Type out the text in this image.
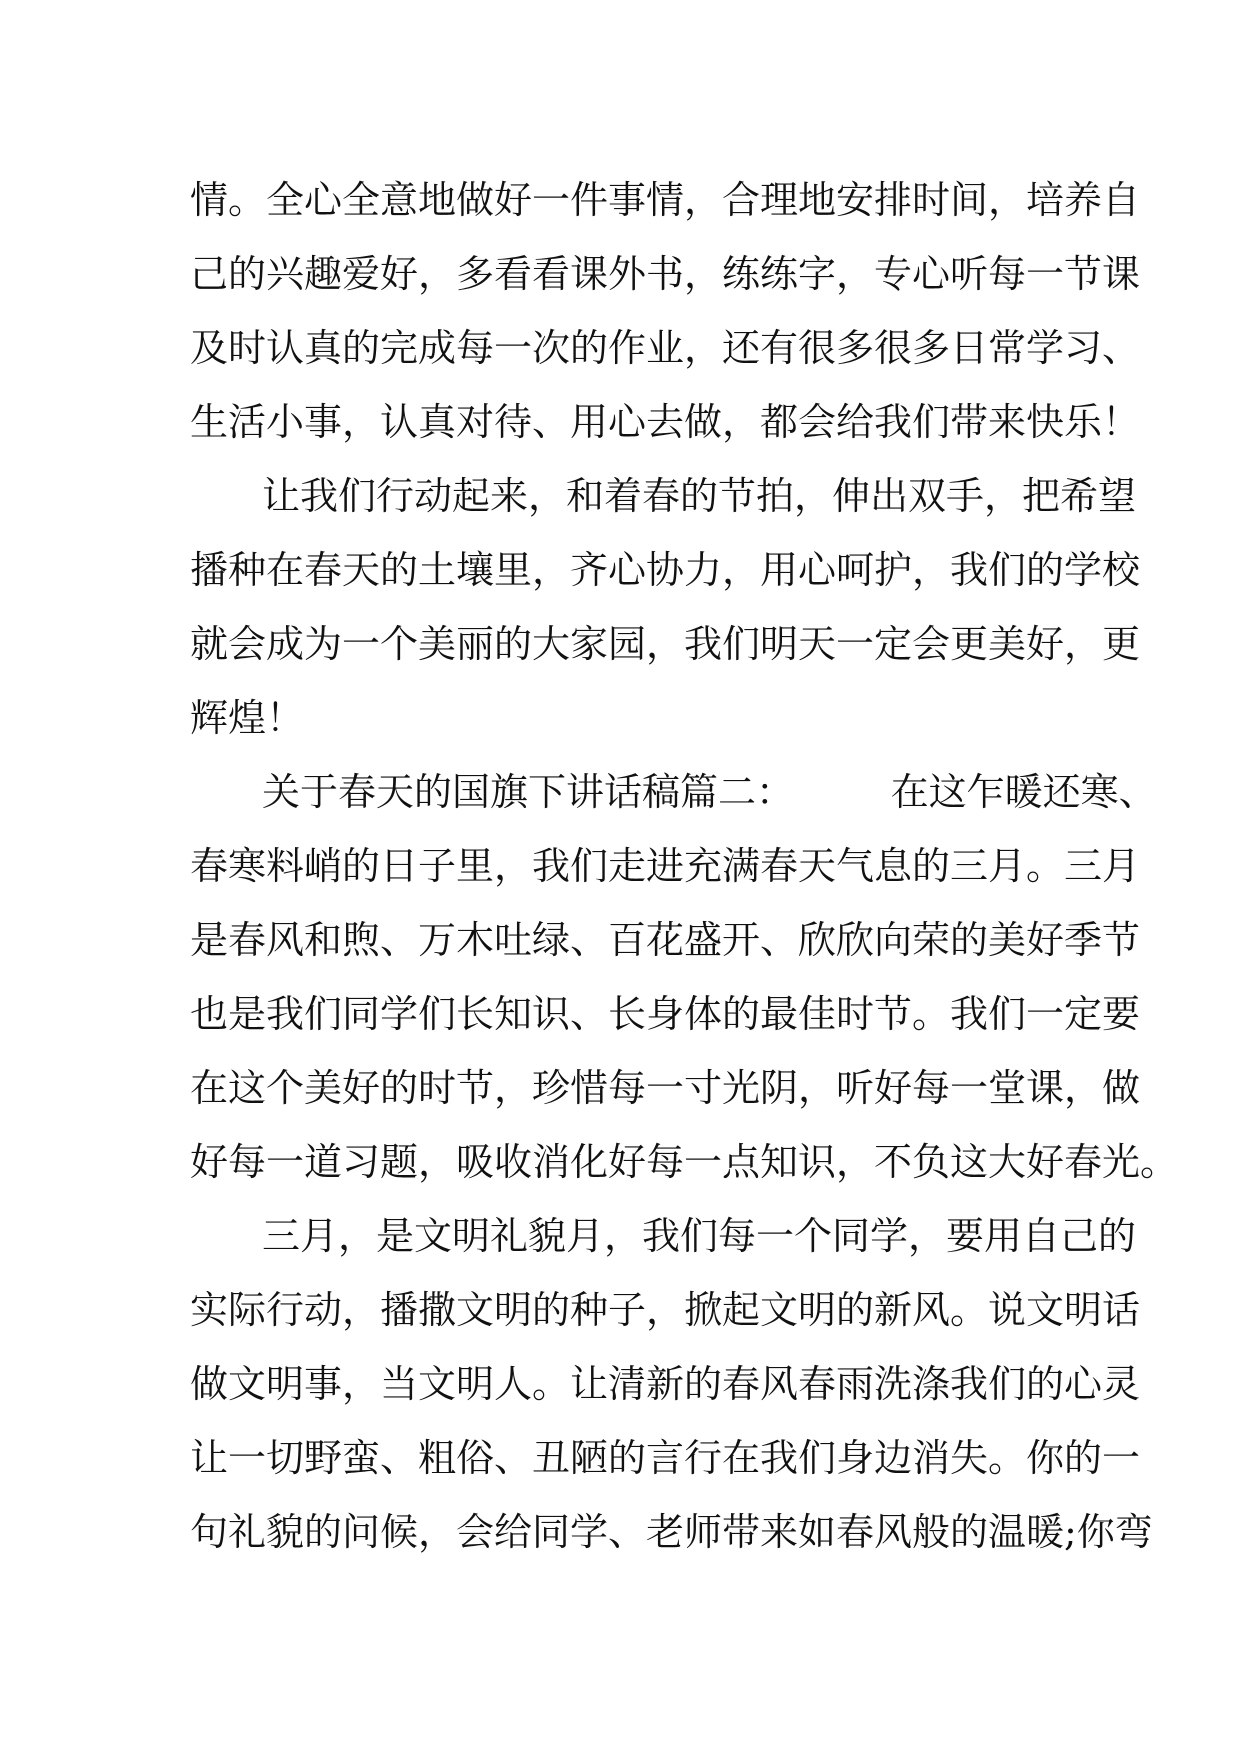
情。全心全意地做好一件事情，合理地安排时间，培养自
己的兴趣爱好，多看看课外书，练练字，专心听每一节课
及时认真的完成每一次的作业，还有很多很多日常学习、
生活小事，认真对待、用心去做，都会给我们带来快乐！
让我们行动起来，和着春的节拍，伸出双手，把希望
播种在春天的土壤里，齐心协力，用心呵护，我们的学校
就会成为一个美丽的大家园，我们明天一定会更美好，更
辉煌！
关于春天的国旗下讲话稿篇二：        在这乍暖还寒、
春寒料峭的日子里，我们走进充满春天气息的三月。三月
是春风和煦、万木吐绿、百花盛开、欣欣向荣的美好季节
也是我们同学们长知识、长身体的最佳时节。我们一定要
在这个美好的时节，珍惜每一寸光阴，听好每一堂课，做
好每一道习题，吸收消化好每一点知识，不负这大好春光。
三月，是文明礼貌月，我们每一个同学，要用自己的
实际行动，播撒文明的种子，掀起文明的新风。说文明话
做文明事，当文明人。让清新的春风春雨洗涤我们的心灵
让一切野蛮、粗俗、丑陋的言行在我们身边消失。你的一
句礼貌的问候，会给同学、老师带来如春风般的温暖;你弯
